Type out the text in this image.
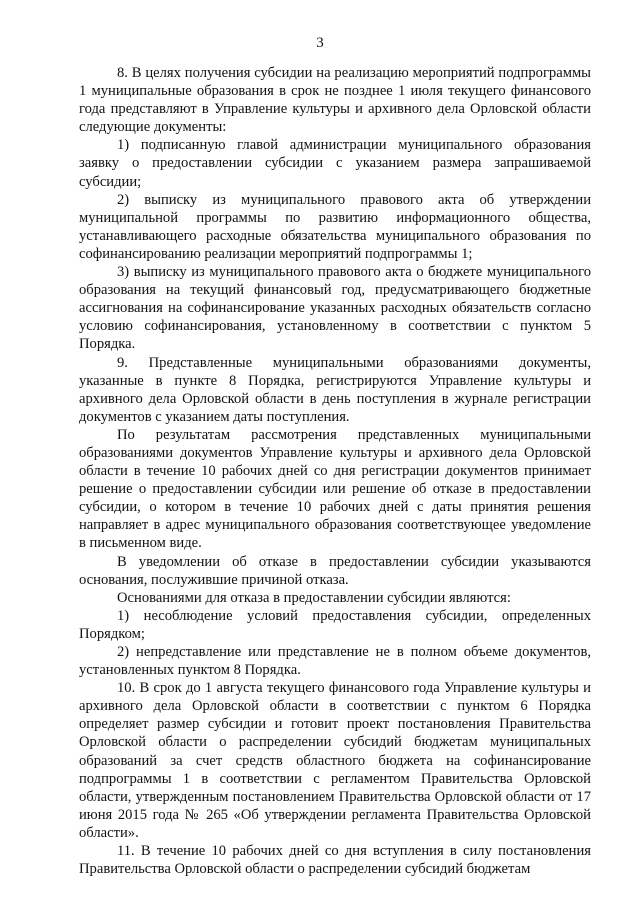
3

8. В целях получения субсидии на реализацию мероприятий подпрограммы 1 муниципальные образования в срок не позднее 1 июля текущего финансового года представляют в Управление культуры и архивного дела Орловской области следующие документы:

1) подписанную главой администрации муниципального образования заявку о предоставлении субсидии с указанием размера запрашиваемой субсидии;

2) выписку из муниципального правового акта об утверждении муниципальной программы по развитию информационного общества, устанавливающего расходные обязательства муниципального образования по софинансированию реализации мероприятий подпрограммы 1;

3) выписку из муниципального правового акта о бюджете муниципального образования на текущий финансовый год, предусматривающего бюджетные ассигнования на софинансирование указанных расходных обязательств согласно условию софинансирования, установленному в соответствии с пунктом 5 Порядка.

9. Представленные муниципальными образованиями документы, указанные в пункте 8 Порядка, регистрируются Управление культуры и архивного дела Орловской области в день поступления в журнале регистрации документов с указанием даты поступления.

По результатам рассмотрения представленных муниципальными образованиями документов Управление культуры и архивного дела Орловской области в течение 10 рабочих дней со дня регистрации документов принимает решение о предоставлении субсидии или решение об отказе в предоставлении субсидии, о котором в течение 10 рабочих дней с даты принятия решения направляет в адрес муниципального образования соответствующее уведомление в письменном виде.

В уведомлении об отказе в предоставлении субсидии указываются основания, послужившие причиной отказа.

Основаниями для отказа в предоставлении субсидии являются:

1) несоблюдение условий предоставления субсидии, определенных Порядком;

2) непредставление или представление не в полном объеме документов, установленных пунктом 8 Порядка.

10. В срок до 1 августа текущего финансового года Управление культуры и архивного дела Орловской области в соответствии с пунктом 6 Порядка определяет размер субсидии и готовит проект постановления Правительства Орловской области о распределении субсидий бюджетам муниципальных образований за счет средств областного бюджета на софинансирование подпрограммы 1 в соответствии с регламентом Правительства Орловской области, утвержденным постановлением Правительства Орловской области от 17 июня 2015 года № 265 «Об утверждении регламента Правительства Орловской области».

11. В течение 10 рабочих дней со дня вступления в силу постановления Правительства Орловской области о распределении субсидий бюджетам
